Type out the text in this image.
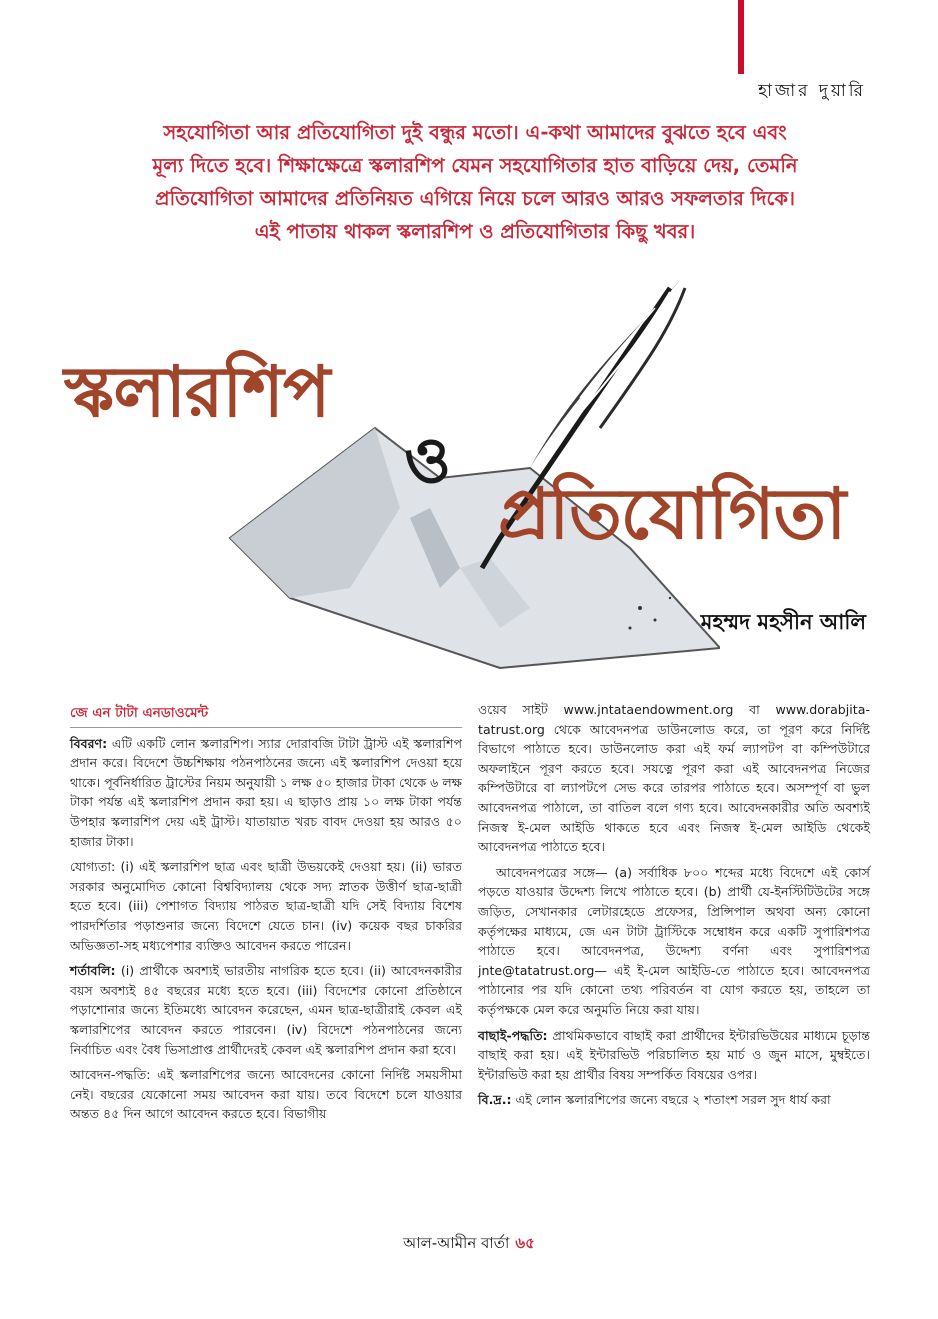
হাজার দুয়ারি

সহযোগিতা আর প্রতিযোগিতা দুই বন্ধুর মতো। এ-কথা আমাদের বুঝতে হবে এবং

মূল্য দিতে হবে। শিক্ষাক্ষেত্রে স্কলারশিপ যেমন সহযোগিতার হাত বাড়িয়ে দেয়, তেমনি

প্রতিযোগিতা আমাদের প্রতিনিয়ত এগিয়ে নিয়ে চলে আরও আরও সফলতার দিকে।

এই পাতায় থাকল স্কলারশিপ ও প্রতিযোগিতার কিছু খবর।

স্কলারশিপ
ও
প্রতিযোগিতা
মহম্মদ মহসীন আলি
জে এন টাটা এনডাওমেন্ট

বিবরণ: এটি একটি লোন স্কলারশিপ। স্যার দোরাবজি টাটা ট্রাস্ট এই স্কলারশিপ প্রদান করে। বিদেশে উচ্চশিক্ষায় পঠনপাঠনের জন্যে এই স্কলারশিপ দেওয়া হয়ে থাকে। পূর্বনির্ধারিত ট্রাস্টের নিয়ম অনুযায়ী ১ লক্ষ ৫০ হাজার টাকা থেকে ৬ লক্ষ টাকা পর্যন্ত এই স্কলারশিপ প্রদান করা হয়। এ ছাড়াও প্রায় ১০ লক্ষ টাকা পর্যন্ত উপহার স্কলারশিপ দেয় এই ট্রাস্ট। যাতায়াত খরচ বাবদ দেওয়া হয় আরও ৫০ হাজার টাকা।

যোগ্যতা: (i) এই স্কলারশিপ ছাত্র এবং ছাত্রী উভয়কেই দেওয়া হয়। (ii) ভারত সরকার অনুমোদিত কোনো বিশ্ববিদ্যালয় থেকে সদ্য স্নাতক উত্তীর্ণ ছাত্র-ছাত্রী হতে হবে। (iii) পেশাগত বিদ্যায় পাঠরত ছাত্র-ছাত্রী যদি সেই বিদ্যায় বিশেষ পারদর্শিতার পড়াশুনার জন্যে বিদেশে যেতে চান। (iv) কয়েক বছর চাকরির অভিজ্ঞতা-সহ মধ্যপেশার ব্যক্তিও আবেদন করতে পারেন।

শর্তাবলি: (i) প্রার্থীকে অবশ্যই ভারতীয় নাগরিক হতে হবে। (ii) আবেদনকারীর বয়স অবশ্যই ৪৫ বছরের মধ্যে হতে হবে। (iii) বিদেশের কোনো প্রতিষ্ঠানে পড়াশোনার জন্যে ইতিমধ্যে আবেদন করেছেন, এমন ছাত্র-ছাত্রীরাই কেবল এই স্কলারশিপের আবেদন করতে পারবেন। (iv) বিদেশে পঠনপাঠনের জন্যে নির্বাচিত এবং বৈধ ভিসাপ্রাপ্ত প্রার্থীদেরই কেবল এই স্কলারশিপ প্রদান করা হবে।

আবেদন-পদ্ধতি: এই স্কলারশিপের জন্যে আবেদনের কোনো নির্দিষ্ট সময়সীমা নেই। বছরের যেকোনো সময় আবেদন করা যায়। তবে বিদেশে চলে যাওয়ার অন্তত ৪৫ দিন আগে আবেদন করতে হবে। বিভাগীয়

ওয়েব সাইট www.jntataendowment.org বা www.dorabjita-tatrust.org থেকে আবেদনপত্র ডাউনলোড করে, তা পূরণ করে নির্দিষ্ট বিভাগে পাঠাতে হবে। ডাউনলোড করা এই ফর্ম ল্যাপটপ বা কম্পিউটারে অফলাইনে পূরণ করতে হবে। সযত্নে পূরণ করা এই আবেদনপত্র নিজের কম্পিউটারে বা ল্যাপটপে সেভ করে তারপর পাঠাতে হবে। অসম্পূর্ণ বা ভুল আবেদনপত্র পাঠালে, তা বাতিল বলে গণ্য হবে। আবেদনকারীর অতি অবশ্যই নিজস্ব ই-মেল আইডি থাকতে হবে এবং নিজস্ব ই-মেল আইডি থেকেই আবেদনপত্র পাঠাতে হবে।

আবেদনপত্রের সঙ্গে— (a) সর্বাধিক ৮০০ শব্দের মধ্যে বিদেশে এই কোর্স পড়তে যাওয়ার উদ্দেশ্য লিখে পাঠাতে হবে। (b) প্রার্থী যে-ইনস্টিটিউটের সঙ্গে জড়িত, সেখানকার লেটারহেডে প্রফেসর, প্রিন্সিপাল অথবা অন্য কোনো কর্তৃপক্ষের মাধ্যমে, জে এন টাটা ট্রাস্টিকে সম্বোধন করে একটি সুপারিশপত্র পাঠাতে হবে। আবেদনপত্র, উদ্দেশ্য বর্ণনা এবং সুপারিশপত্র jnte@tatatrust.org— এই ই-মেল আইডি-তে পাঠাতে হবে। আবেদনপত্র পাঠানোর পর যদি কোনো তথ্য পরিবর্তন বা যোগ করতে হয়, তাহলে তা কর্তৃপক্ষকে মেল করে অনুমতি নিয়ে করা যায়।

বাছাই-পদ্ধতি: প্রাথমিকভাবে বাছাই করা প্রার্থীদের ইন্টারভিউয়ের মাধ্যমে চূড়ান্ত বাছাই করা হয়। এই ইন্টারভিউ পরিচালিত হয় মার্চ ও জুন মাসে, মুম্বইতে। ইন্টারভিউ করা হয় প্রার্থীর বিষয় সম্পর্কিত বিষয়ের ওপর।

বি.দ্র.: এই লোন স্কলারশিপের জন্যে বছরে ২ শতাংশ সরল সুদ ধার্য করা

আল-আমীন বার্তা ৬৫
